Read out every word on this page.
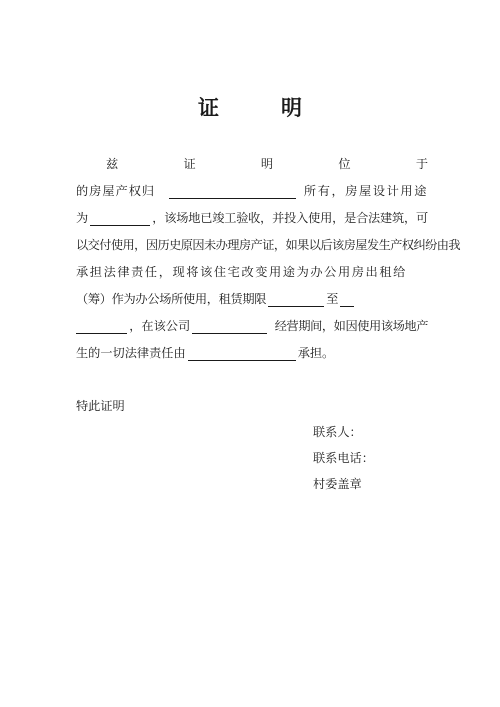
证	明
兹	证	明	位	于
的房屋产权归	所有，房屋设计用途
为	，该场地已竣工验收，并投入使用，是合法建筑，可
以交付使用，因历史原因未办理房产证，如果以后该房屋发生产权纠纷由我
承担法律责任，现将该住宅改变用途为办公用房出租给
（筹）作为办公场所使用，租赁期限	至
，在该公司	经营期间，如因使用该场地产
生的一切法律责任由	承担。
特此证明
联系人：
联系电话：
村委盖章
